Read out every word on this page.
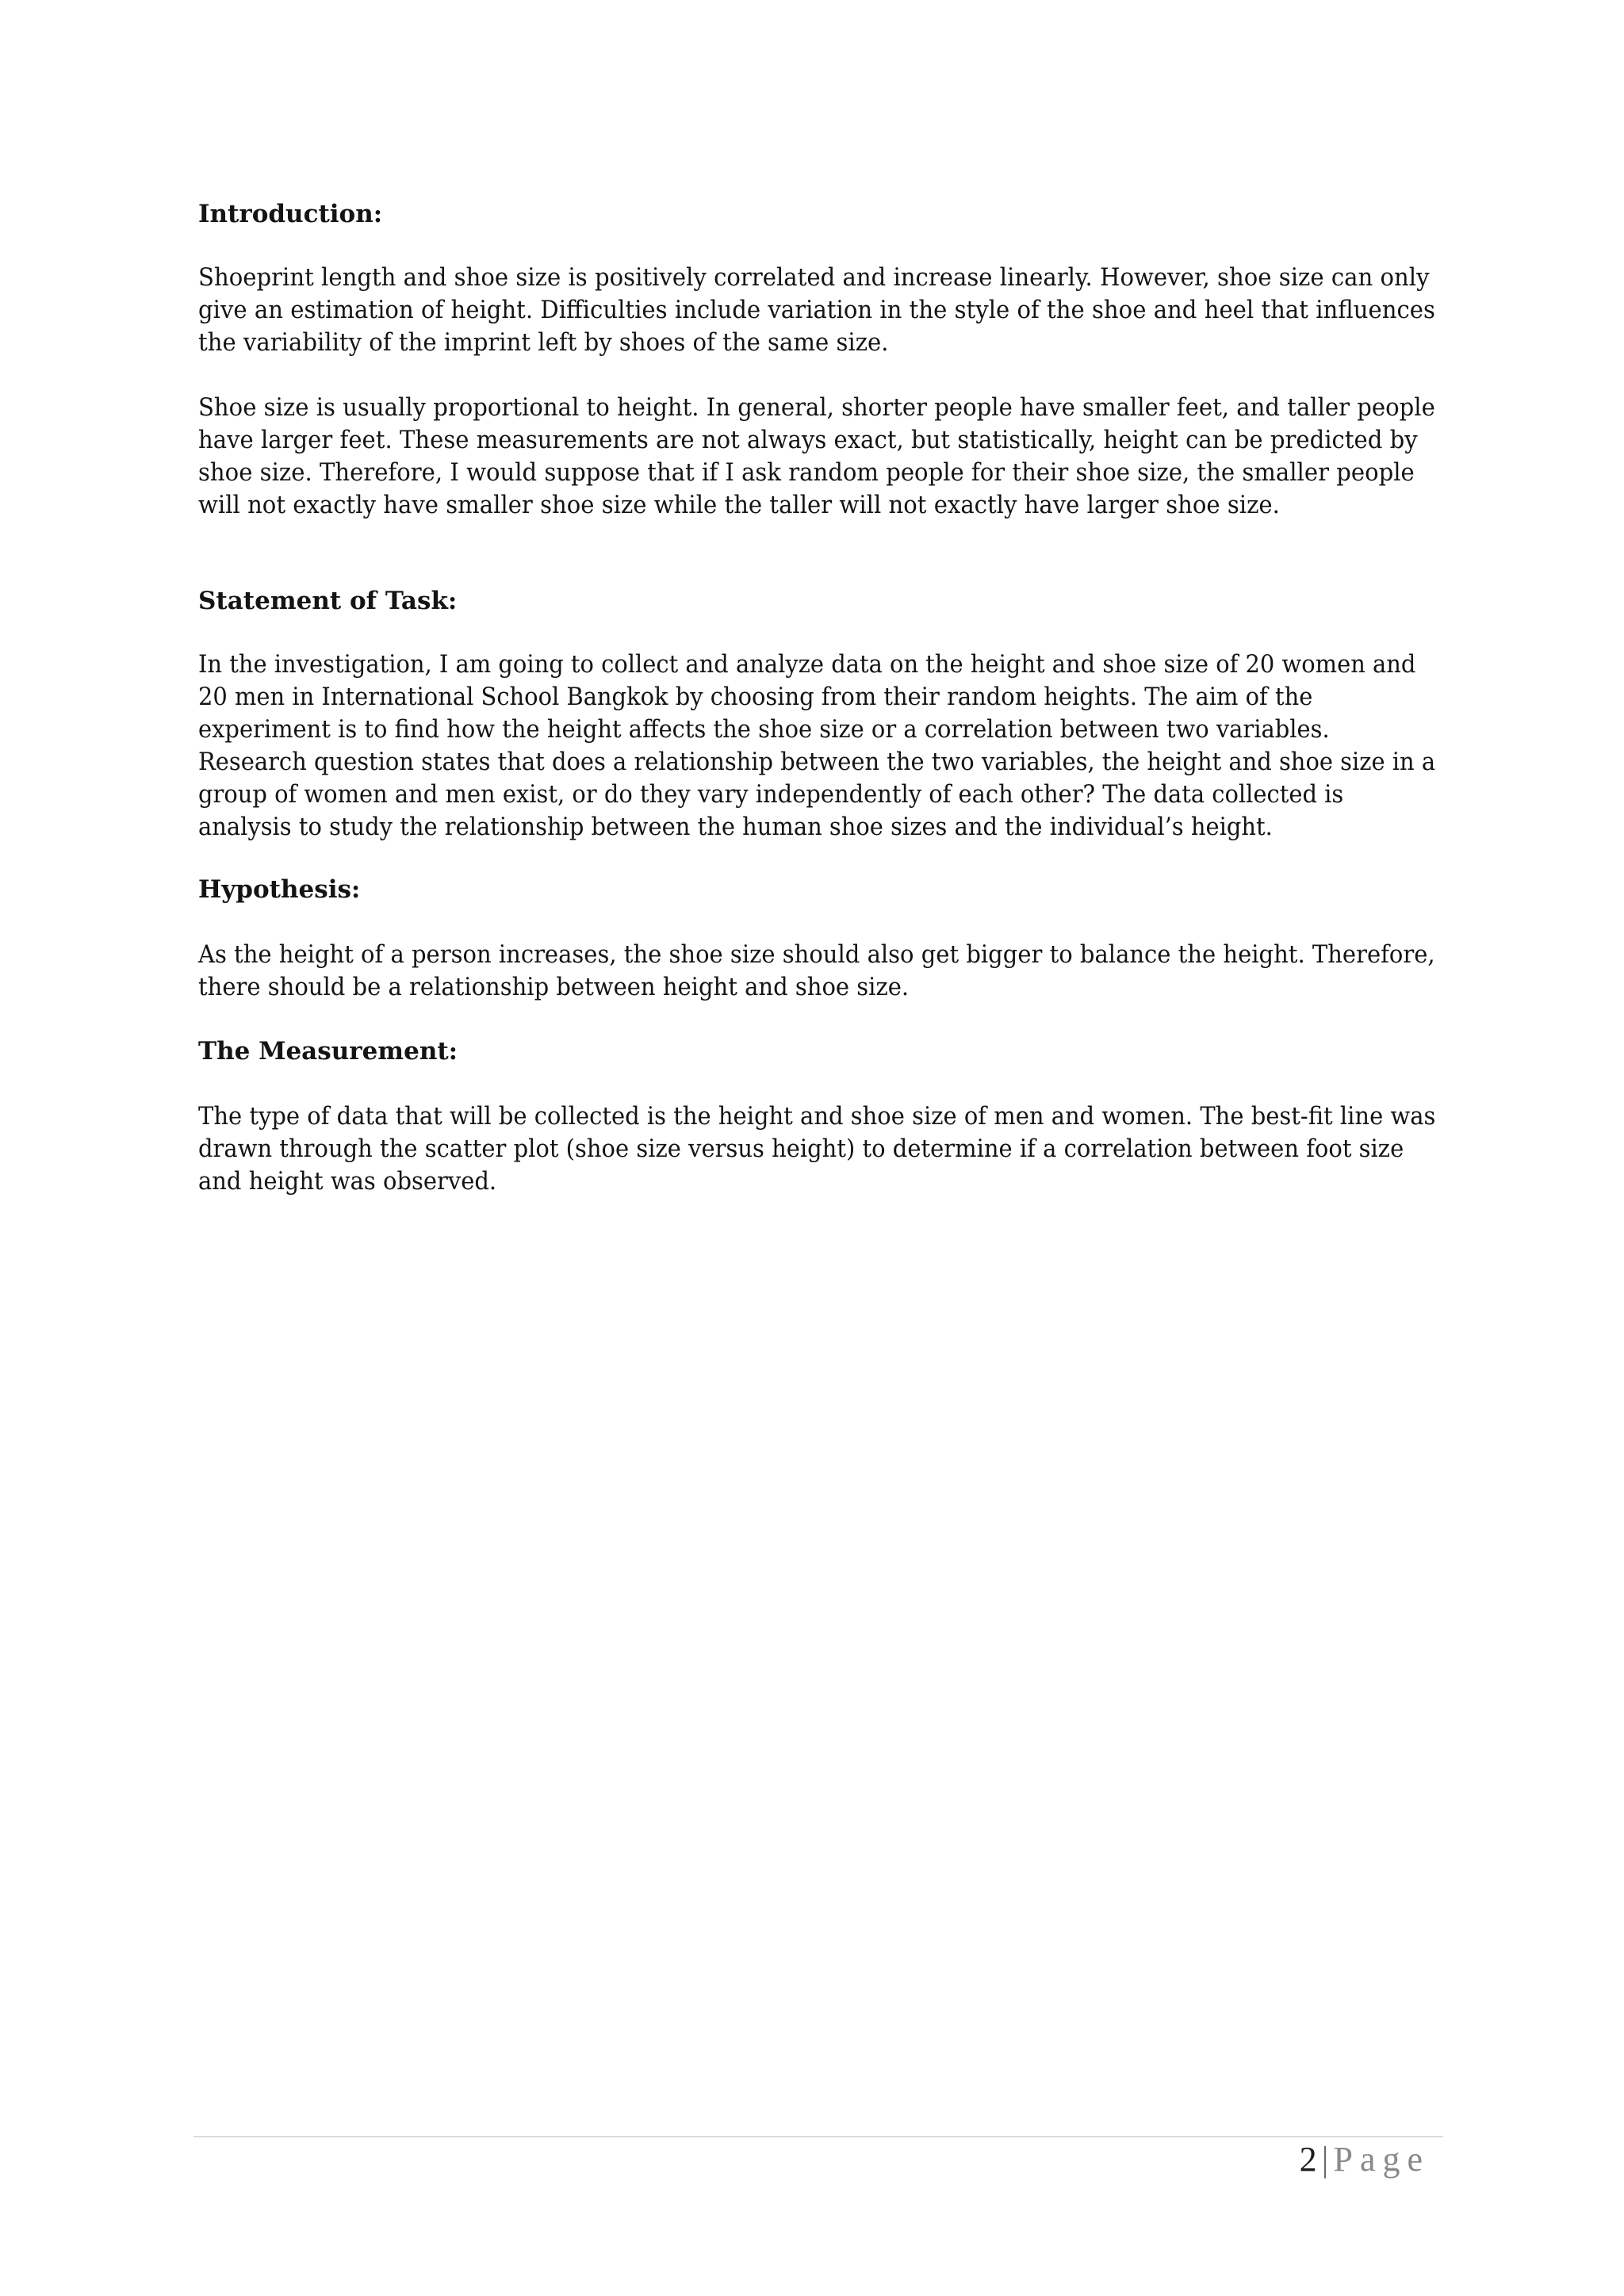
Introduction:
Shoeprint length and shoe size is positively correlated and increase linearly. However, shoe size can only
give an estimation of height. Difficulties include variation in the style of the shoe and heel that influences
the variability of the imprint left by shoes of the same size.
Shoe size is usually proportional to height. In general, shorter people have smaller feet, and taller people
have larger feet. These measurements are not always exact, but statistically, height can be predicted by
shoe size. Therefore, I would suppose that if I ask random people for their shoe size, the smaller people
will not exactly have smaller shoe size while the taller will not exactly have larger shoe size.
Statement of Task:
In the investigation, I am going to collect and analyze data on the height and shoe size of 20 women and
20 men in International School Bangkok by choosing from their random heights. The aim of the
experiment is to find how the height affects the shoe size or a correlation between two variables.
Research question states that does a relationship between the two variables, the height and shoe size in a
group of women and men exist, or do they vary independently of each other? The data collected is
analysis to study the relationship between the human shoe sizes and the individual’s height.
Hypothesis:
As the height of a person increases, the shoe size should also get bigger to balance the height. Therefore,
there should be a relationship between height and shoe size.
The Measurement:
The type of data that will be collected is the height and shoe size of men and women. The best-fit line was
drawn through the scatter plot (shoe size versus height) to determine if a correlation between foot size
and height was observed.
2 | Page
